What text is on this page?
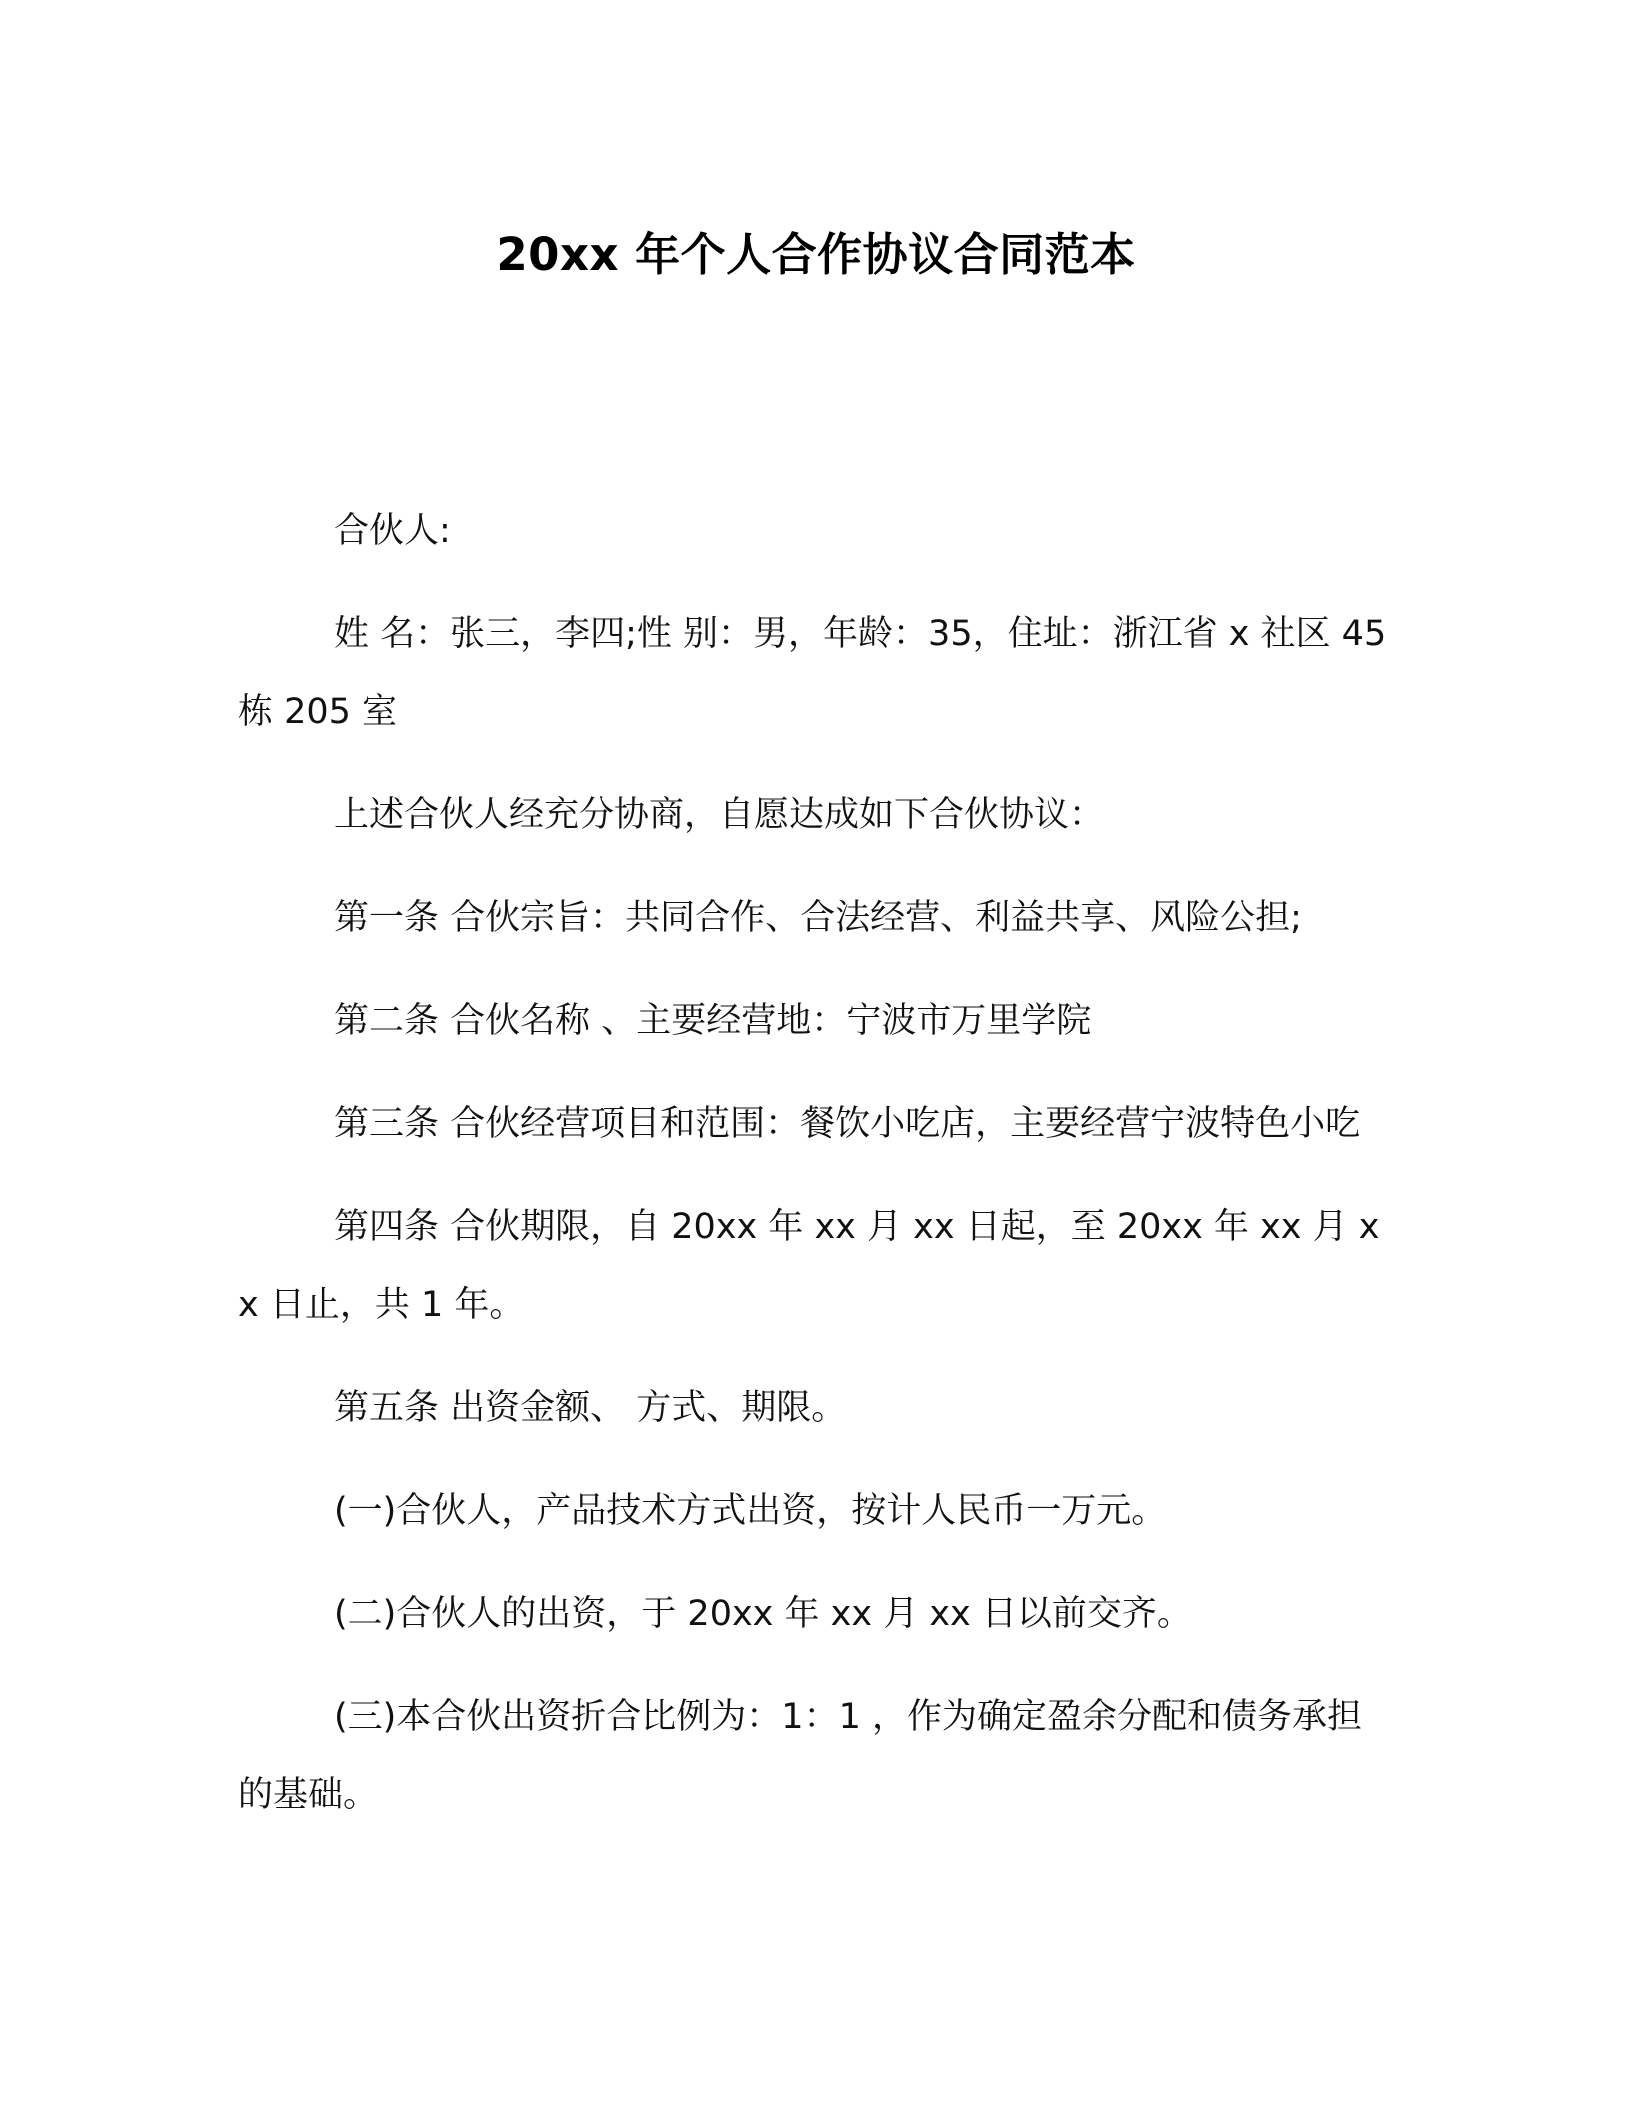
20xx 年个人合作协议合同范本

合伙人:

姓 名：张三，李四;性 别：男，年龄：35，住址：浙江省 x 社区 45 栋 205 室

上述合伙人经充分协商，自愿达成如下合伙协议：

第一条 合伙宗旨：共同合作、合法经营、利益共享、风险公担;

第二条 合伙名称 、主要经营地：宁波市万里学院

第三条 合伙经营项目和范围：餐饮小吃店，主要经营宁波特色小吃

第四条 合伙期限，自 20xx 年 xx 月 xx 日起，至 20xx 年 xx 月 xx 日止，共 1 年。

第五条 出资金额、 方式、期限。

(一)合伙人，产品技术方式出资，按计人民币一万元。

(二)合伙人的出资，于 20xx 年 xx 月 xx 日以前交齐。

(三)本合伙出资折合比例为：1：1 ，作为确定盈余分配和债务承担的基础。
